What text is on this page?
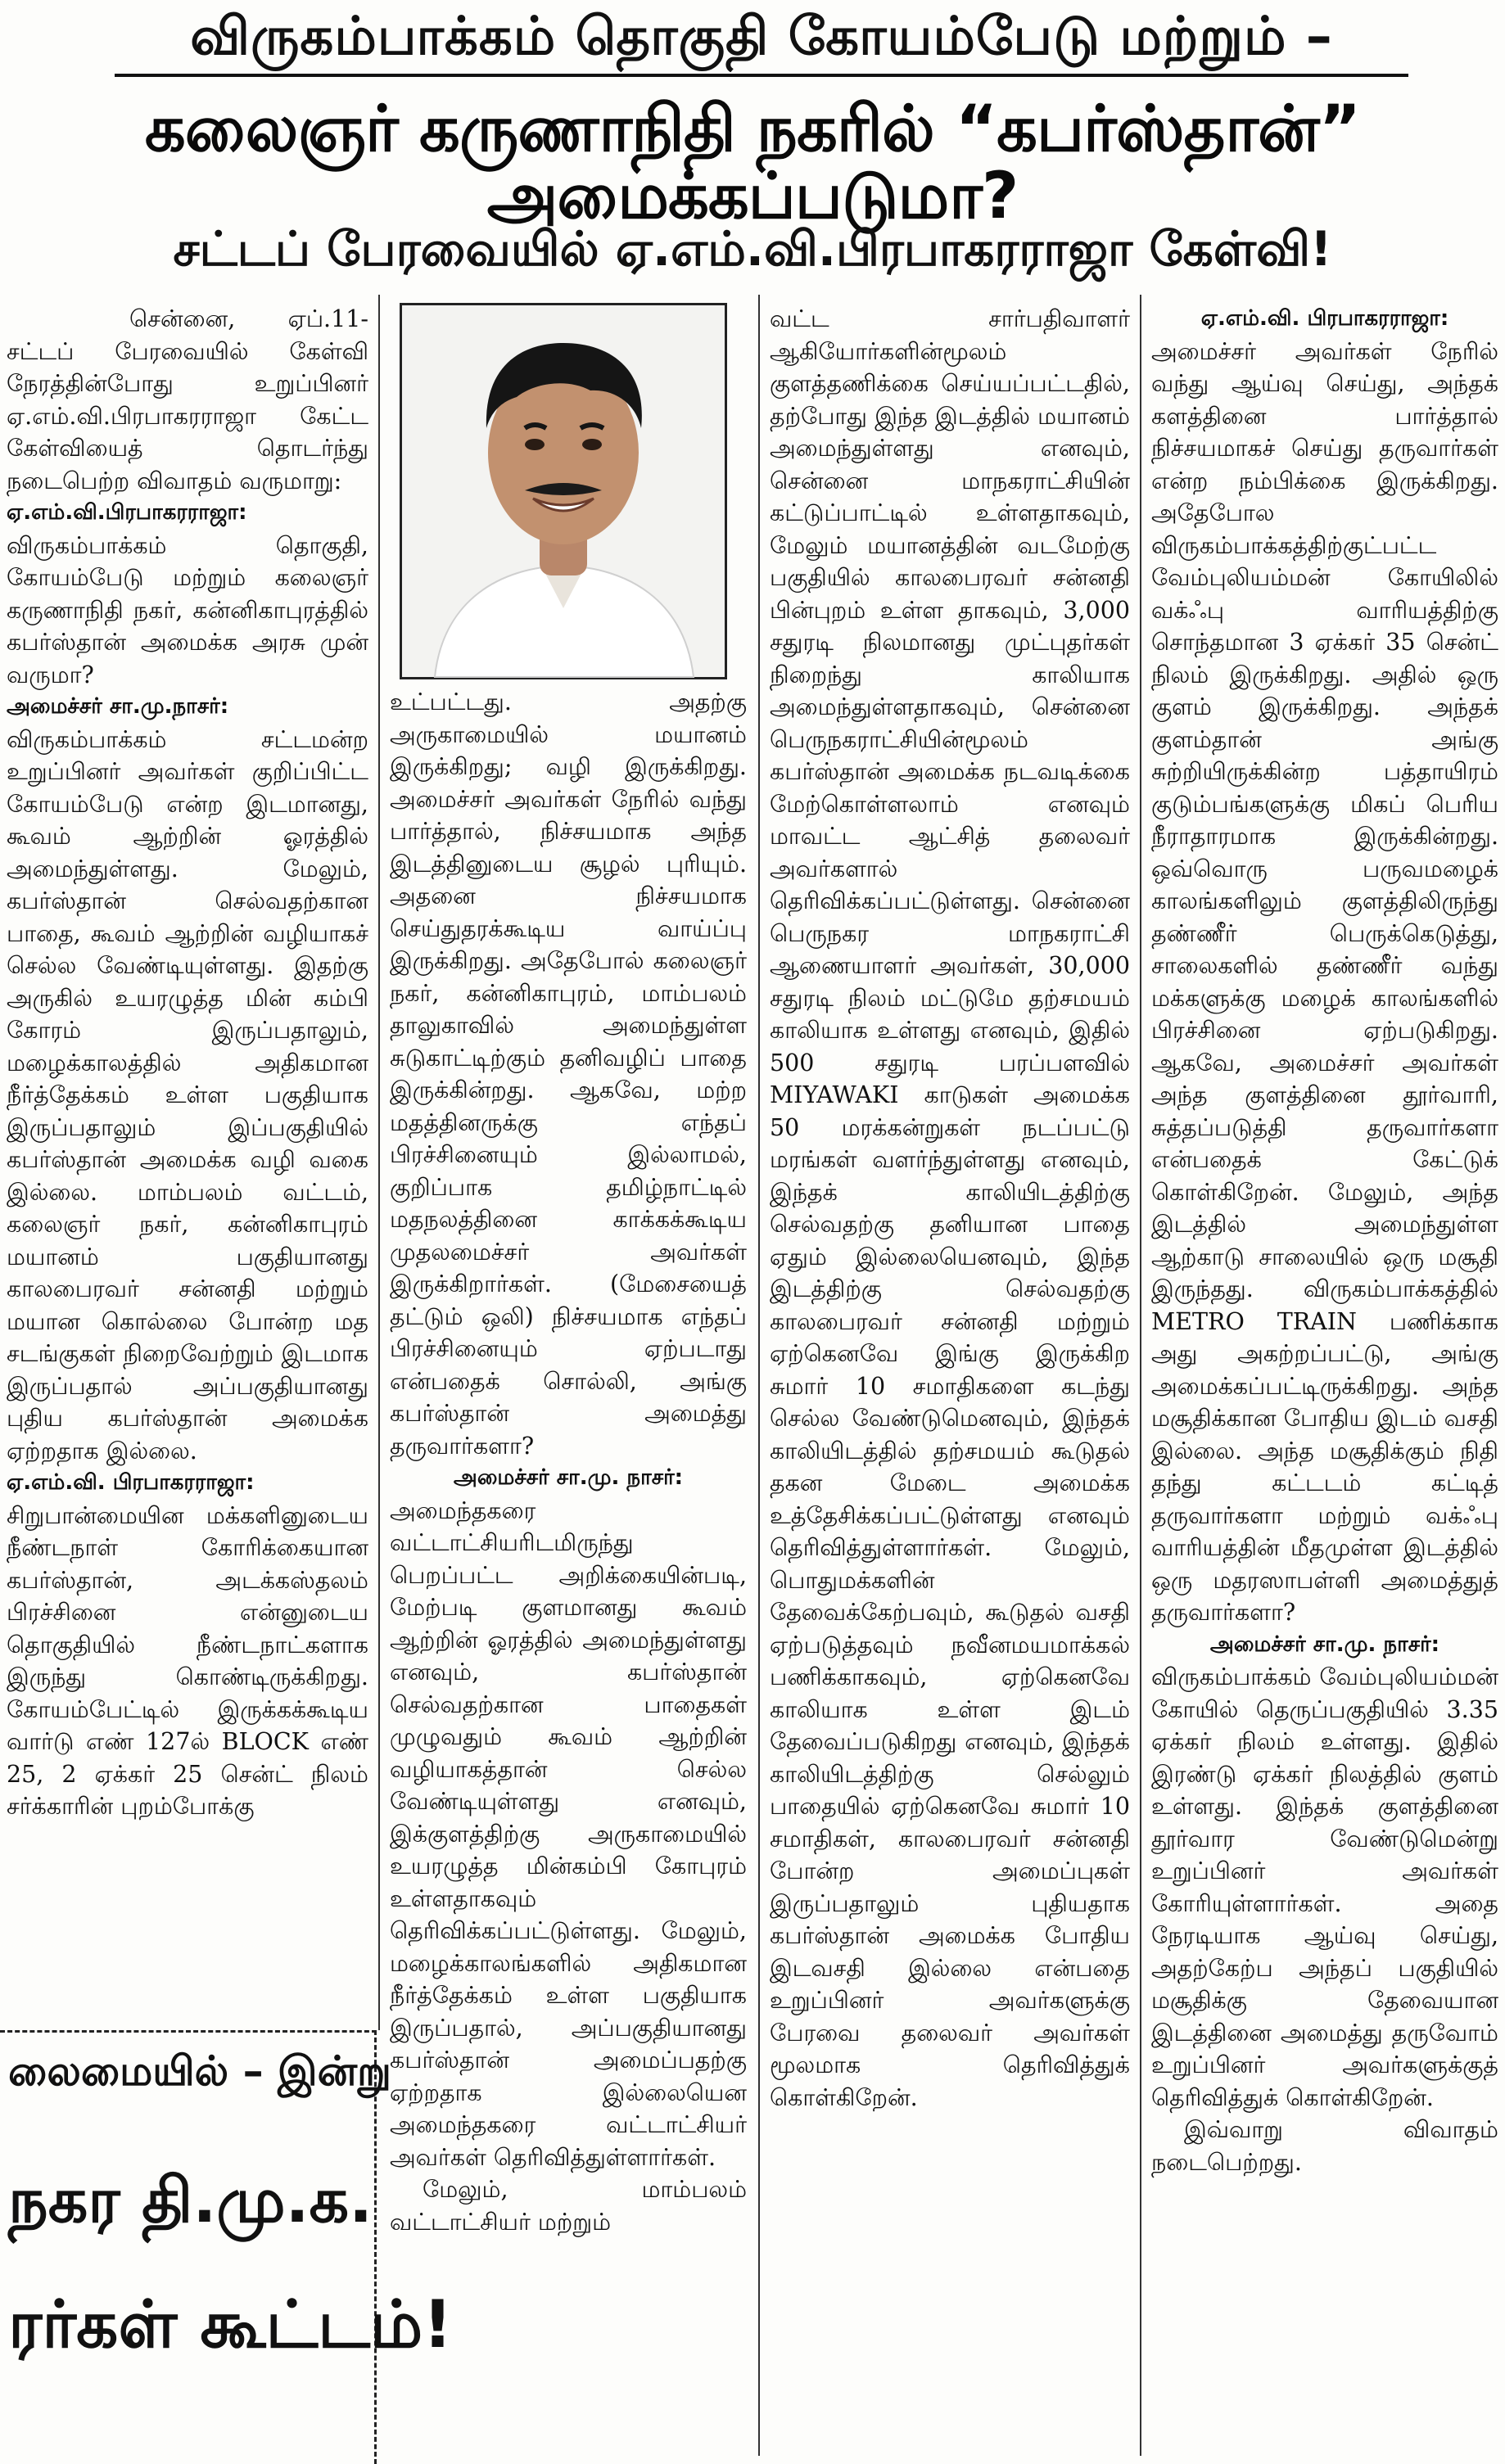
விருகம்பாக்கம் தொகுதி கோயம்பேடு மற்றும் –
கலைஞர் கருணாநிதி நகரில் “கபர்ஸ்தான்” அமைக்கப்படுமா?
சட்டப் பேரவையில் ஏ.எம்.வி.பிரபாகரராஜா கேள்வி!

சென்னை, ஏப்.11- சட்டப் பேரவையில் கேள்வி நேரத்தின்போது உறுப்பினர் ஏ.எம்.வி.பிரபாகரராஜா கேட்ட கேள்வியைத் தொடர்ந்து நடைபெற்ற விவாதம் வருமாறு:

ஏ.எம்.வி.பிரபாகரராஜா:

விருகம்பாக்கம் தொகுதி, கோயம்பேடு மற்றும் கலைஞர் கருணாநிதி நகர், கன்னிகாபுரத்தில் கபர்ஸ்தான் அமைக்க அரசு முன் வருமா?

அமைச்சர் சா.மு.நாசர்:

விருகம்பாக்கம் சட்டமன்ற உறுப்பினர் அவர்கள் குறிப்பிட்ட கோயம்பேடு என்ற இடமானது, கூவம் ஆற்றின் ஓரத்தில் அமைந்துள்ளது. மேலும், கபர்ஸ்தான் செல்வதற்கான பாதை, கூவம் ஆற்றின் வழியாகச் செல்ல வேண்டியுள்ளது. இதற்கு அருகில் உயரழுத்த மின் கம்பி கோரம் இருப்பதாலும், மழைக்காலத்தில் அதிகமான நீர்த்தேக்கம் உள்ள பகுதியாக இருப்பதாலும் இப்பகுதியில் கபர்ஸ்தான் அமைக்க வழி வகை இல்லை. மாம்பலம் வட்டம், கலைஞர் நகர், கன்னிகாபுரம் மயானம் பகுதியானது காலபைரவர் சன்னதி மற்றும் மயான கொல்லை போன்ற மத சடங்குகள் நிறைவேற்றும் இடமாக இருப்பதால் அப்பகுதியானது புதிய கபர்ஸ்தான் அமைக்க ஏற்றதாக இல்லை.

ஏ.எம்.வி. பிரபாகரராஜா:

சிறுபான்மையின மக்களினுடைய நீண்டநாள் கோரிக்கையான கபர்ஸ்தான், அடக்கஸ்தலம் பிரச்சினை என்னுடைய தொகுதியில் நீண்டநாட்களாக இருந்து கொண்டிருக்கிறது. கோயம்பேட்டில் இருக்கக்கூடிய வார்டு எண் 127ல் BLOCK எண் 25, 2 ஏக்கர் 25 சென்ட் நிலம் சர்க்காரின் புறம்போக்கு

உட்பட்டது. அதற்கு அருகாமையில் மயானம் இருக்கிறது; வழி இருக்கிறது. அமைச்சர் அவர்கள் நேரில் வந்து பார்த்தால், நிச்சயமாக அந்த இடத்தினுடைய சூழல் புரியும். அதனை நிச்சயமாக செய்துதரக்கூடிய வாய்ப்பு இருக்கிறது. அதேபோல் கலைஞர் நகர், கன்னிகாபுரம், மாம்பலம் தாலுகாவில் அமைந்துள்ள சுடுகாட்டிற்கும் தனிவழிப் பாதை இருக்கின்றது. ஆகவே, மற்ற மதத்தினருக்கு எந்தப் பிரச்சினையும் இல்லாமல், குறிப்பாக தமிழ்நாட்டில் மதநலத்தினை காக்கக்கூடிய முதலமைச்சர் அவர்கள் இருக்கிறார்கள். (மேசையைத் தட்டும் ஒலி) நிச்சயமாக எந்தப் பிரச்சினையும் ஏற்படாது என்பதைக் சொல்லி, அங்கு கபர்ஸ்தான் அமைத்து தருவார்களா?

அமைச்சர் சா.மு. நாசர்:

அமைந்தகரை வட்டாட்சியரிடமிருந்து பெறப்பட்ட அறிக்கையின்படி, மேற்படி குளமானது கூவம் ஆற்றின் ஓரத்தில் அமைந்துள்ளது எனவும், கபர்ஸ்தான் செல்வதற்கான பாதைகள் முழுவதும் கூவம் ஆற்றின் வழியாகத்தான் செல்ல வேண்டியுள்ளது எனவும், இக்குளத்திற்கு அருகாமையில் உயரழுத்த மின்கம்பி கோபுரம் உள்ளதாகவும் தெரிவிக்கப்பட்டுள்ளது. மேலும், மழைக்காலங்களில் அதிகமான நீர்த்தேக்கம் உள்ள பகுதியாக இருப்பதால், அப்பகுதியானது கபர்ஸ்தான் அமைப்பதற்கு ஏற்றதாக இல்லையென அமைந்தகரை வட்டாட்சியர் அவர்கள் தெரிவித்துள்ளார்கள்.

மேலும், மாம்பலம் வட்டாட்சியர் மற்றும்

வட்ட சார்பதிவாளர் ஆகியோர்களின்மூலம் குளத்தணிக்கை செய்யப்பட்டதில், தற்போது இந்த இடத்தில் மயானம் அமைந்துள்ளது எனவும், சென்னை மாநகராட்சியின் கட்டுப்பாட்டில் உள்ளதாகவும், மேலும் மயானத்தின் வடமேற்கு பகுதியில் காலபைரவர் சன்னதி பின்புறம் உள்ள தாகவும், 3,000 சதுரடி நிலமானது முட்புதர்கள் நிறைந்து காலியாக அமைந்துள்ளதாகவும், சென்னை பெருநகராட்சியின்மூலம் கபர்ஸ்தான் அமைக்க நடவடிக்கை மேற்கொள்ளலாம் எனவும் மாவட்ட ஆட்சித் தலைவர் அவர்களால் தெரிவிக்கப்பட்டுள்ளது. சென்னை பெருநகர மாநகராட்சி ஆணையாளர் அவர்கள், 30,000 சதுரடி நிலம் மட்டுமே தற்சமயம் காலியாக உள்ளது எனவும், இதில் 500 சதுரடி பரப்பளவில் MIYAWAKI காடுகள் அமைக்க 50 மரக்கன்றுகள் நடப்பட்டு மரங்கள் வளர்ந்துள்ளது எனவும், இந்தக் காலியிடத்திற்கு செல்வதற்கு தனியான பாதை ஏதும் இல்லையெனவும், இந்த இடத்திற்கு செல்வதற்கு காலபைரவர் சன்னதி மற்றும் ஏற்கெனவே இங்கு இருக்கிற சுமார் 10 சமாதிகளை கடந்து செல்ல வேண்டுமெனவும், இந்தக் காலியிடத்தில் தற்சமயம் கூடுதல் தகன மேடை அமைக்க உத்தேசிக்கப்பட்டுள்ளது எனவும் தெரிவித்துள்ளார்கள். மேலும், பொதுமக்களின் தேவைக்கேற்பவும், கூடுதல் வசதி ஏற்படுத்தவும் நவீனமயமாக்கல் பணிக்காகவும், ஏற்கெனவே காலியாக உள்ள இடம் தேவைப்படுகிறது எனவும், இந்தக் காலியிடத்திற்கு செல்லும் பாதையில் ஏற்கெனவே சுமார் 10 சமாதிகள், காலபைரவர் சன்னதி போன்ற அமைப்புகள் இருப்பதாலும் புதியதாக கபர்ஸ்தான் அமைக்க போதிய இடவசதி இல்லை என்பதை உறுப்பினர் அவர்களுக்கு பேரவை தலைவர் அவர்கள் மூலமாக தெரிவித்துக் கொள்கிறேன்.

ஏ.எம்.வி. பிரபாகரராஜா:

அமைச்சர் அவர்கள் நேரில் வந்து ஆய்வு செய்து, அந்தக் களத்தினை பார்த்தால் நிச்சயமாகச் செய்து தருவார்கள் என்ற நம்பிக்கை இருக்கிறது. அதேபோல விருகம்பாக்கத்திற்குட்பட்ட வேம்புலியம்மன் கோயிலில் வக்ஃபு வாரியத்திற்கு சொந்தமான 3 ஏக்கர் 35 சென்ட் நிலம் இருக்கிறது. அதில் ஒரு குளம் இருக்கிறது. அந்தக் குளம்தான் அங்கு சுற்றியிருக்கின்ற பத்தாயிரம் குடும்பங்களுக்கு மிகப் பெரிய நீராதாரமாக இருக்கின்றது. ஒவ்வொரு பருவமழைக் காலங்களிலும் குளத்திலிருந்து தண்ணீர் பெருக்கெடுத்து, சாலைகளில் தண்ணீர் வந்து மக்களுக்கு மழைக் காலங்களில் பிரச்சினை ஏற்படுகிறது. ஆகவே, அமைச்சர் அவர்கள் அந்த குளத்தினை தூர்வாரி, சுத்தப்படுத்தி தருவார்களா என்பதைக் கேட்டுக் கொள்கிறேன். மேலும், அந்த இடத்தில் அமைந்துள்ள ஆற்காடு சாலையில் ஒரு மசூதி இருந்தது. விருகம்பாக்கத்தில் METRO TRAIN பணிக்காக அது அகற்றப்பட்டு, அங்கு அமைக்கப்பட்டிருக்கிறது. அந்த மசூதிக்கான போதிய இடம் வசதி இல்லை. அந்த மசூதிக்கும் நிதி தந்து கட்டடம் கட்டித் தருவார்களா மற்றும் வக்ஃபு வாரியத்தின் மீதமுள்ள இடத்தில் ஒரு மதரஸாபள்ளி அமைத்துத் தருவார்களா?

அமைச்சர் சா.மு. நாசர்:

விருகம்பாக்கம் வேம்புலியம்மன் கோயில் தெருப்பகுதியில் 3.35 ஏக்கர் நிலம் உள்ளது. இதில் இரண்டு ஏக்கர் நிலத்தில் குளம் உள்ளது. இந்தக் குளத்தினை தூர்வார வேண்டுமென்று உறுப்பினர் அவர்கள் கோரியுள்ளார்கள். அதை நேரடியாக ஆய்வு செய்து, அதற்கேற்ப அந்தப் பகுதியில் மசூதிக்கு தேவையான இடத்தினை அமைத்து தருவோம் உறுப்பினர் அவர்களுக்குத் தெரிவித்துக் கொள்கிறேன்.

இவ்வாறு விவாதம் நடைபெற்றது.

லைமையில் – இன்று
நகர தி.மு.க.
ரர்கள் கூட்டம்!
